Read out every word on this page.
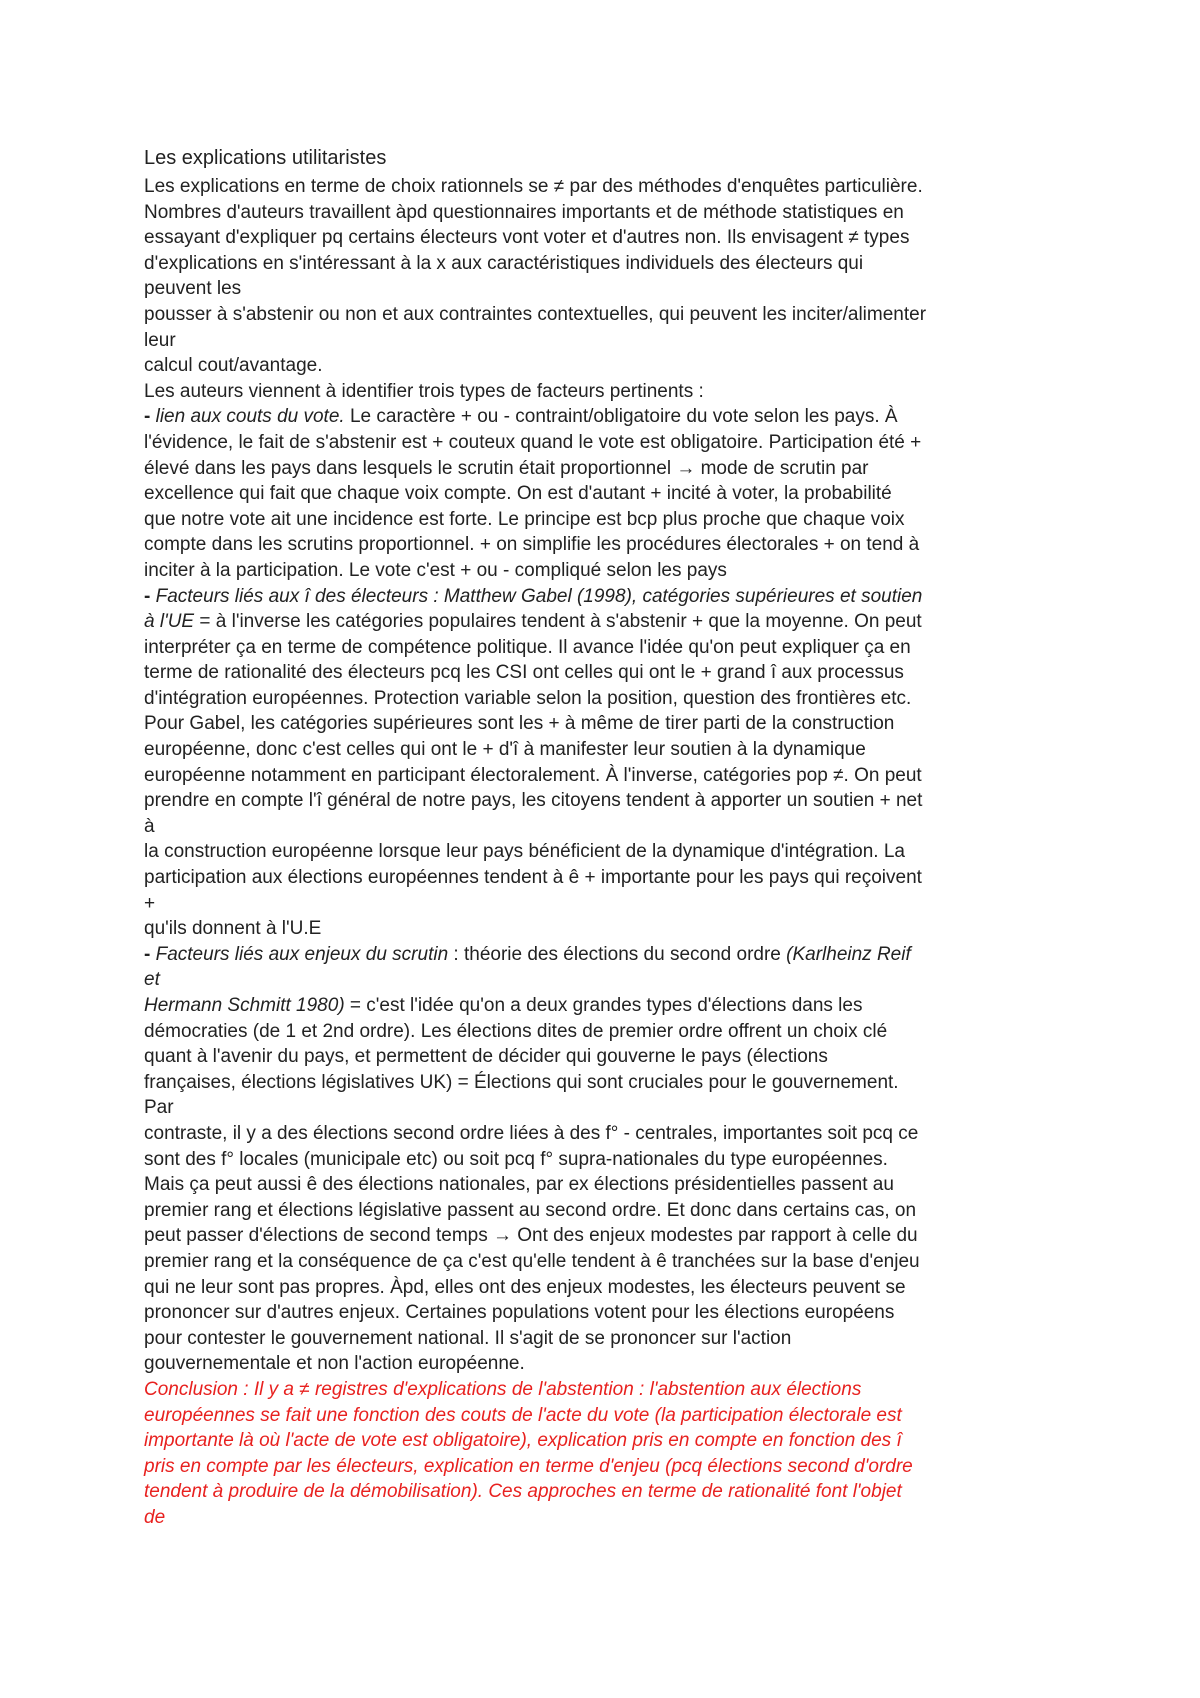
Les explications utilitaristes
Les explications en terme de choix rationnels se ≠ par des méthodes d'enquêtes particulière.
Nombres d'auteurs travaillent àpd questionnaires importants et de méthode statistiques en
essayant d'expliquer pq certains électeurs vont voter et d'autres non. Ils envisagent ≠ types
d'explications en s'intéressant à la x aux caractéristiques individuels des électeurs qui
peuvent les
pousser à s'abstenir ou non et aux contraintes contextuelles, qui peuvent les inciter/alimenter
leur
calcul cout/avantage.
Les auteurs viennent à identifier trois types de facteurs pertinents :
- lien aux couts du vote. Le caractère + ou - contraint/obligatoire du vote selon les pays. À
l'évidence, le fait de s'abstenir est + couteux quand le vote est obligatoire. Participation été +
élevé dans les pays dans lesquels le scrutin était proportionnel → mode de scrutin par
excellence qui fait que chaque voix compte. On est d'autant + incité à voter, la probabilité
que notre vote ait une incidence est forte. Le principe est bcp plus proche que chaque voix
compte dans les scrutins proportionnel. + on simplifie les procédures électorales + on tend à
inciter à la participation. Le vote c'est + ou - compliqué selon les pays
- Facteurs liés aux î des électeurs : Matthew Gabel (1998), catégories supérieures et soutien
à l'UE = à l'inverse les catégories populaires tendent à s'abstenir + que la moyenne. On peut
interpréter ça en terme de compétence politique. Il avance l'idée qu'on peut expliquer ça en
terme de rationalité des électeurs pcq les CSI ont celles qui ont le + grand î aux processus
d'intégration européennes. Protection variable selon la position, question des frontières etc.
Pour Gabel, les catégories supérieures sont les + à même de tirer parti de la construction
européenne, donc c'est celles qui ont le + d'î à manifester leur soutien à la dynamique
européenne notamment en participant électoralement. À l'inverse, catégories pop ≠. On peut
prendre en compte l'î général de notre pays, les citoyens tendent à apporter un soutien + net
à
la construction européenne lorsque leur pays bénéficient de la dynamique d'intégration. La
participation aux élections européennes tendent à ê + importante pour les pays qui reçoivent
+
qu'ils donnent à l'U.E
- Facteurs liés aux enjeux du scrutin : théorie des élections du second ordre (Karlheinz Reif
et
Hermann Schmitt 1980) = c'est l'idée qu'on a deux grandes types d'élections dans les
démocraties (de 1 et 2nd ordre). Les élections dites de premier ordre offrent un choix clé
quant à l'avenir du pays, et permettent de décider qui gouverne le pays (élections
françaises, élections législatives UK) = Élections qui sont cruciales pour le gouvernement.
Par
contraste, il y a des élections second ordre liées à des f° - centrales, importantes soit pcq ce
sont des f° locales (municipale etc) ou soit pcq f° supra-nationales du type européennes.
Mais ça peut aussi ê des élections nationales, par ex élections présidentielles passent au
premier rang et élections législative passent au second ordre. Et donc dans certains cas, on
peut passer d'élections de second temps → Ont des enjeux modestes par rapport à celle du
premier rang et la conséquence de ça c'est qu'elle tendent à ê tranchées sur la base d'enjeu
qui ne leur sont pas propres. Àpd, elles ont des enjeux modestes, les électeurs peuvent se
prononcer sur d'autres enjeux. Certaines populations votent pour les élections européens
pour contester le gouvernement national. Il s'agit de se prononcer sur l'action
gouvernementale et non l'action européenne.
Conclusion : Il y a ≠ registres d'explications de l'abstention : l'abstention aux élections
européennes se fait une fonction des couts de l'acte du vote (la participation électorale est
importante là où l'acte de vote est obligatoire), explication pris en compte en fonction des î
pris en compte par les électeurs, explication en terme d'enjeu (pcq élections second d'ordre
tendent à produire de la démobilisation). Ces approches en terme de rationalité font l'objet
de
